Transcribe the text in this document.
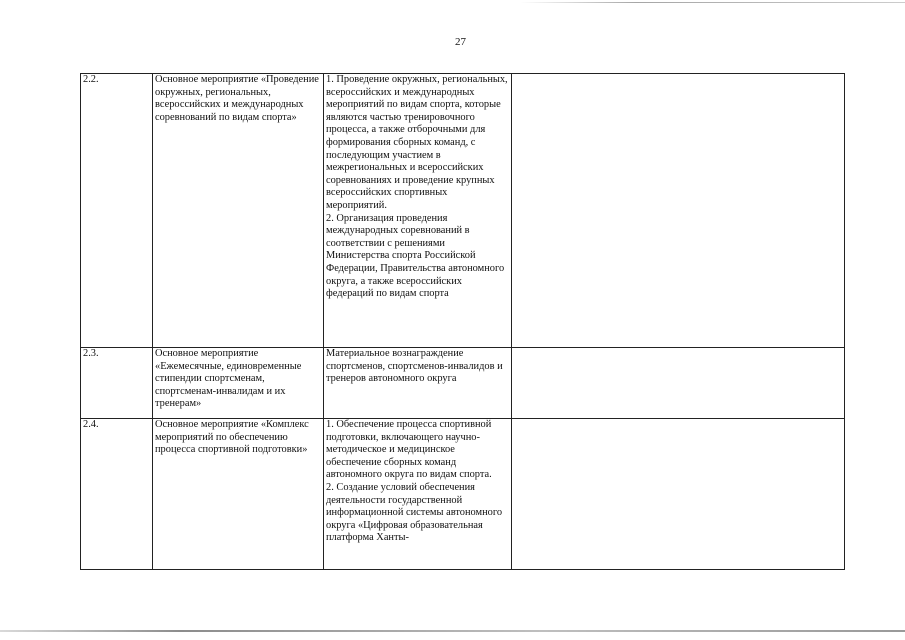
27
2.2.	Основное мероприятие «Проведение окружных, региональных, всероссийских и международных соревнований по видам спорта»	1. Проведение окружных, региональных, всероссийских и международных мероприятий по видам спорта, которые являются частью тренировочного процесса, а также отборочными для формирования сборных команд, с последующим участием в межрегиональных и всероссийских соревнованиях и проведение крупных всероссийских спортивных мероприятий.
2. Организация проведения международных соревнований в соответствии с решениями Министерства спорта Российской Федерации, Правительства автономного округа, а также всероссийских федераций по видам спорта	

2.3.	Основное мероприятие «Ежемесячные, единовременные стипендии спортсменам, спортсменам-инвалидам и их тренерам»	Материальное вознаграждение спортсменов, спортсменов-инвалидов и тренеров автономного округа	

2.4.	Основное мероприятие «Комплекс мероприятий по обеспечению процесса спортивной подготовки»	1. Обеспечение процесса спортивной подготовки, включающего научно-методическое и медицинское обеспечение сборных команд автономного округа по видам спорта.
2. Создание условий обеспечения деятельности государственной информационной системы автономного округа «Цифровая образовательная платформа Ханты-	
